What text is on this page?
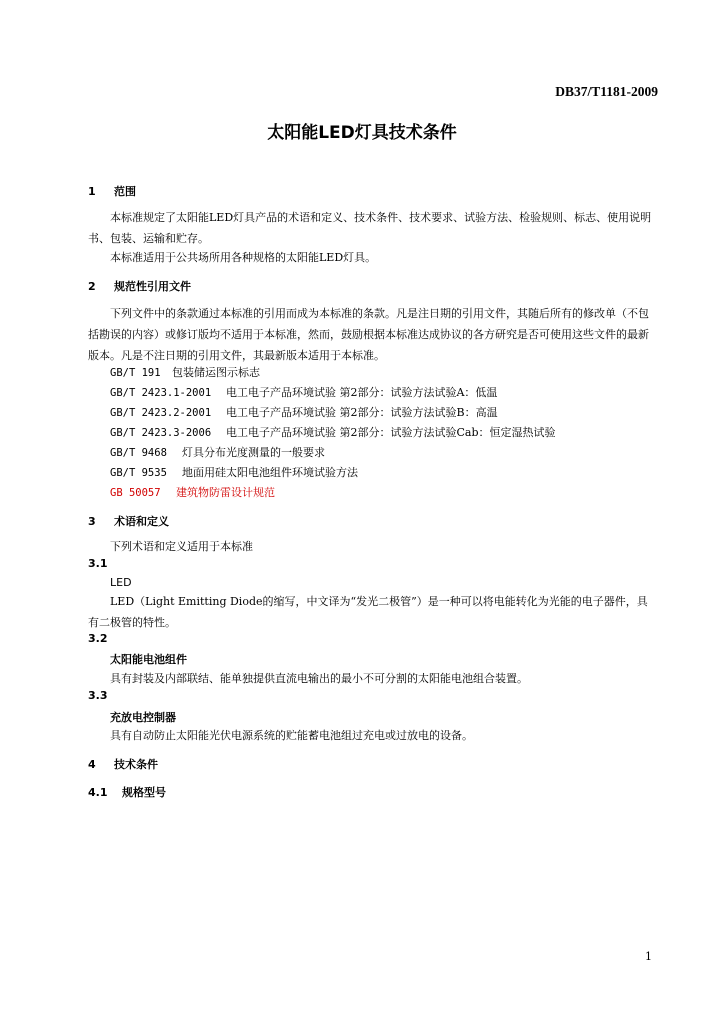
DB37/T1181-2009
太阳能LED灯具技术条件
1 范围
本标准规定了太阳能LED灯具产品的术语和定义、技术条件、技术要求、试验方法、检验规则、标志、使用说明书、包装、运输和贮存。
本标准适用于公共场所用各种规格的太阳能LED灯具。
2 规范性引用文件
下列文件中的条款通过本标准的引用而成为本标准的条款。凡是注日期的引用文件，其随后所有的修改单（不包括勘误的内容）或修订版均不适用于本标准，然而，鼓励根据本标准达成协议的各方研究是否可使用这些文件的最新版本。凡是不注日期的引用文件，其最新版本适用于本标准。
GB/T 191 包装储运图示标志
GB/T 2423.1-2001 电工电子产品环境试验 第2部分：试验方法试验A：低温
GB/T 2423.2-2001 电工电子产品环境试验 第2部分：试验方法试验B：高温
GB/T 2423.3-2006 电工电子产品环境试验 第2部分：试验方法试验Cab：恒定湿热试验
GB/T 9468 灯具分布光度测量的一般要求
GB/T 9535 地面用硅太阳电池组件环境试验方法
GB 50057 建筑物防雷设计规范
3 术语和定义
下列术语和定义适用于本标准
3.1
LED
LED（Light Emitting Diode的缩写，中文译为“发光二极管”）是一种可以将电能转化为光能的电子器件，具有二极管的特性。
3.2
太阳能电池组件
具有封装及内部联结、能单独提供直流电输出的最小不可分割的太阳能电池组合装置。
3.3
充放电控制器
具有自动防止太阳能光伏电源系统的贮能蓄电池组过充电或过放电的设备。
4 技术条件
4.1 规格型号
1
